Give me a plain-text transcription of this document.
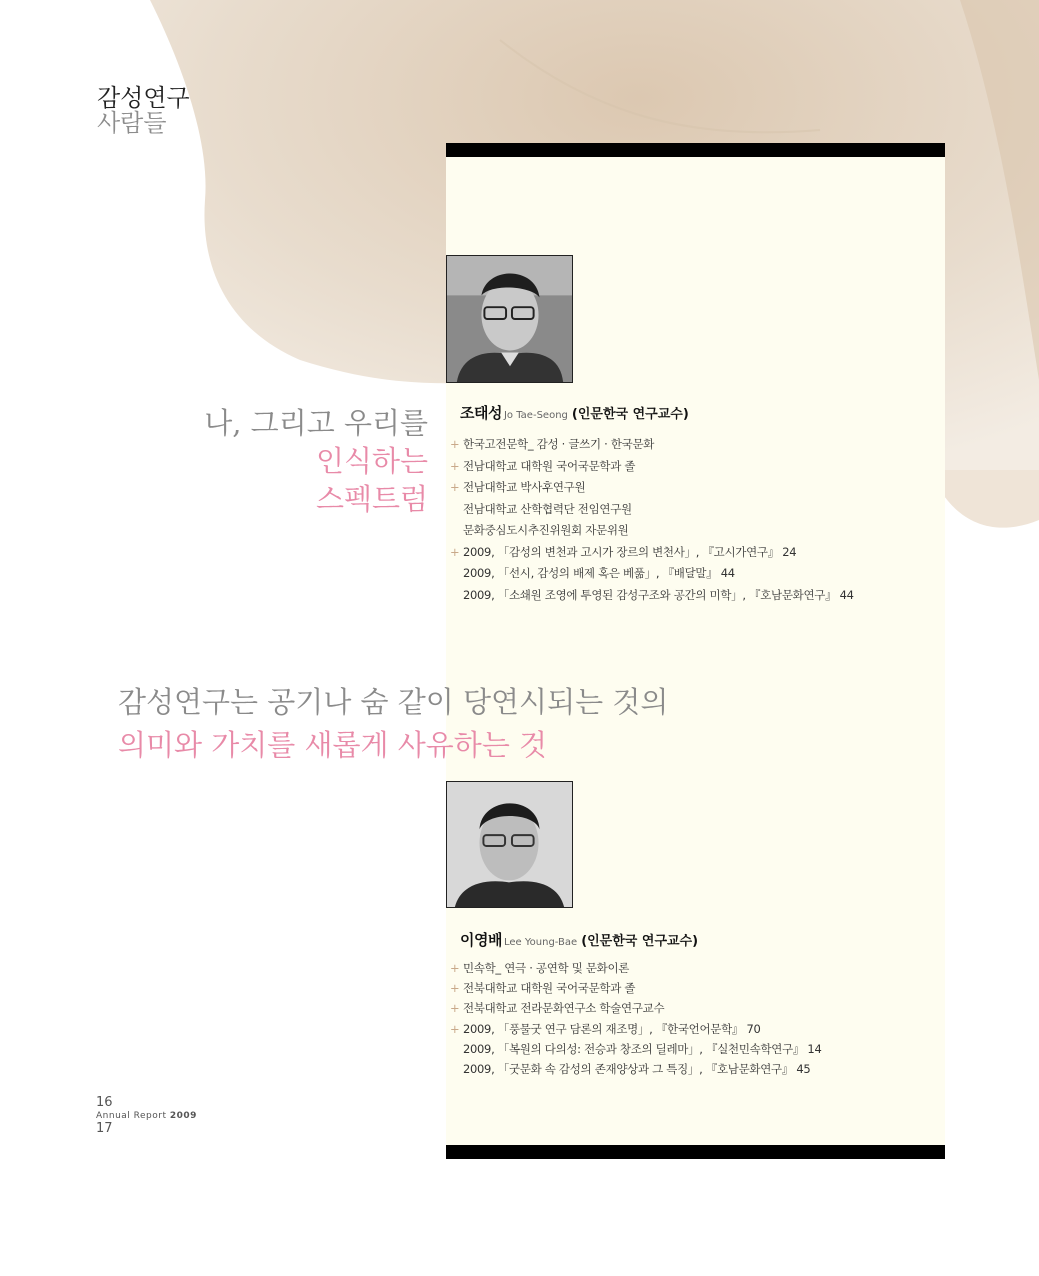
감성연구
사람들
나, 그리고 우리를
인식하는
스펙트럼
감성연구는 공기나 숨 같이 당연시되는 것의
의미와 가치를 새롭게 사유하는 것
조태성 Jo Tae-Seong (인문한국 연구교수)
+ 한국고전문학_ 감성 · 글쓰기 · 한국문화
+ 전남대학교 대학원 국어국문학과 졸
+ 전남대학교 박사후연구원
전남대학교 산학협력단 전임연구원
문화중심도시추진위원회 자문위원
+ 2009, 「감성의 변천과 고시가 장르의 변천사」, 『고시가연구』 24
2009, 「선시, 감성의 배제 혹은 베풂」, 『배달말』 44
2009, 「소쇄원 조영에 투영된 감성구조와 공간의 미학」, 『호남문화연구』 44
이영배 Lee Young-Bae (인문한국 연구교수)
+ 민속학_ 연극 · 공연학 및 문화이론
+ 전북대학교 대학원 국어국문학과 졸
+ 전북대학교 전라문화연구소 학술연구교수
+ 2009, 「풍물굿 연구 담론의 재조명」, 『한국언어문학』 70
2009, 「복원의 다의성: 전승과 창조의 딜레마」, 『실천민속학연구』 14
2009, 「굿문화 속 감성의 존재양상과 그 특징」, 『호남문화연구』 45
16
Annual Report 2009
17
